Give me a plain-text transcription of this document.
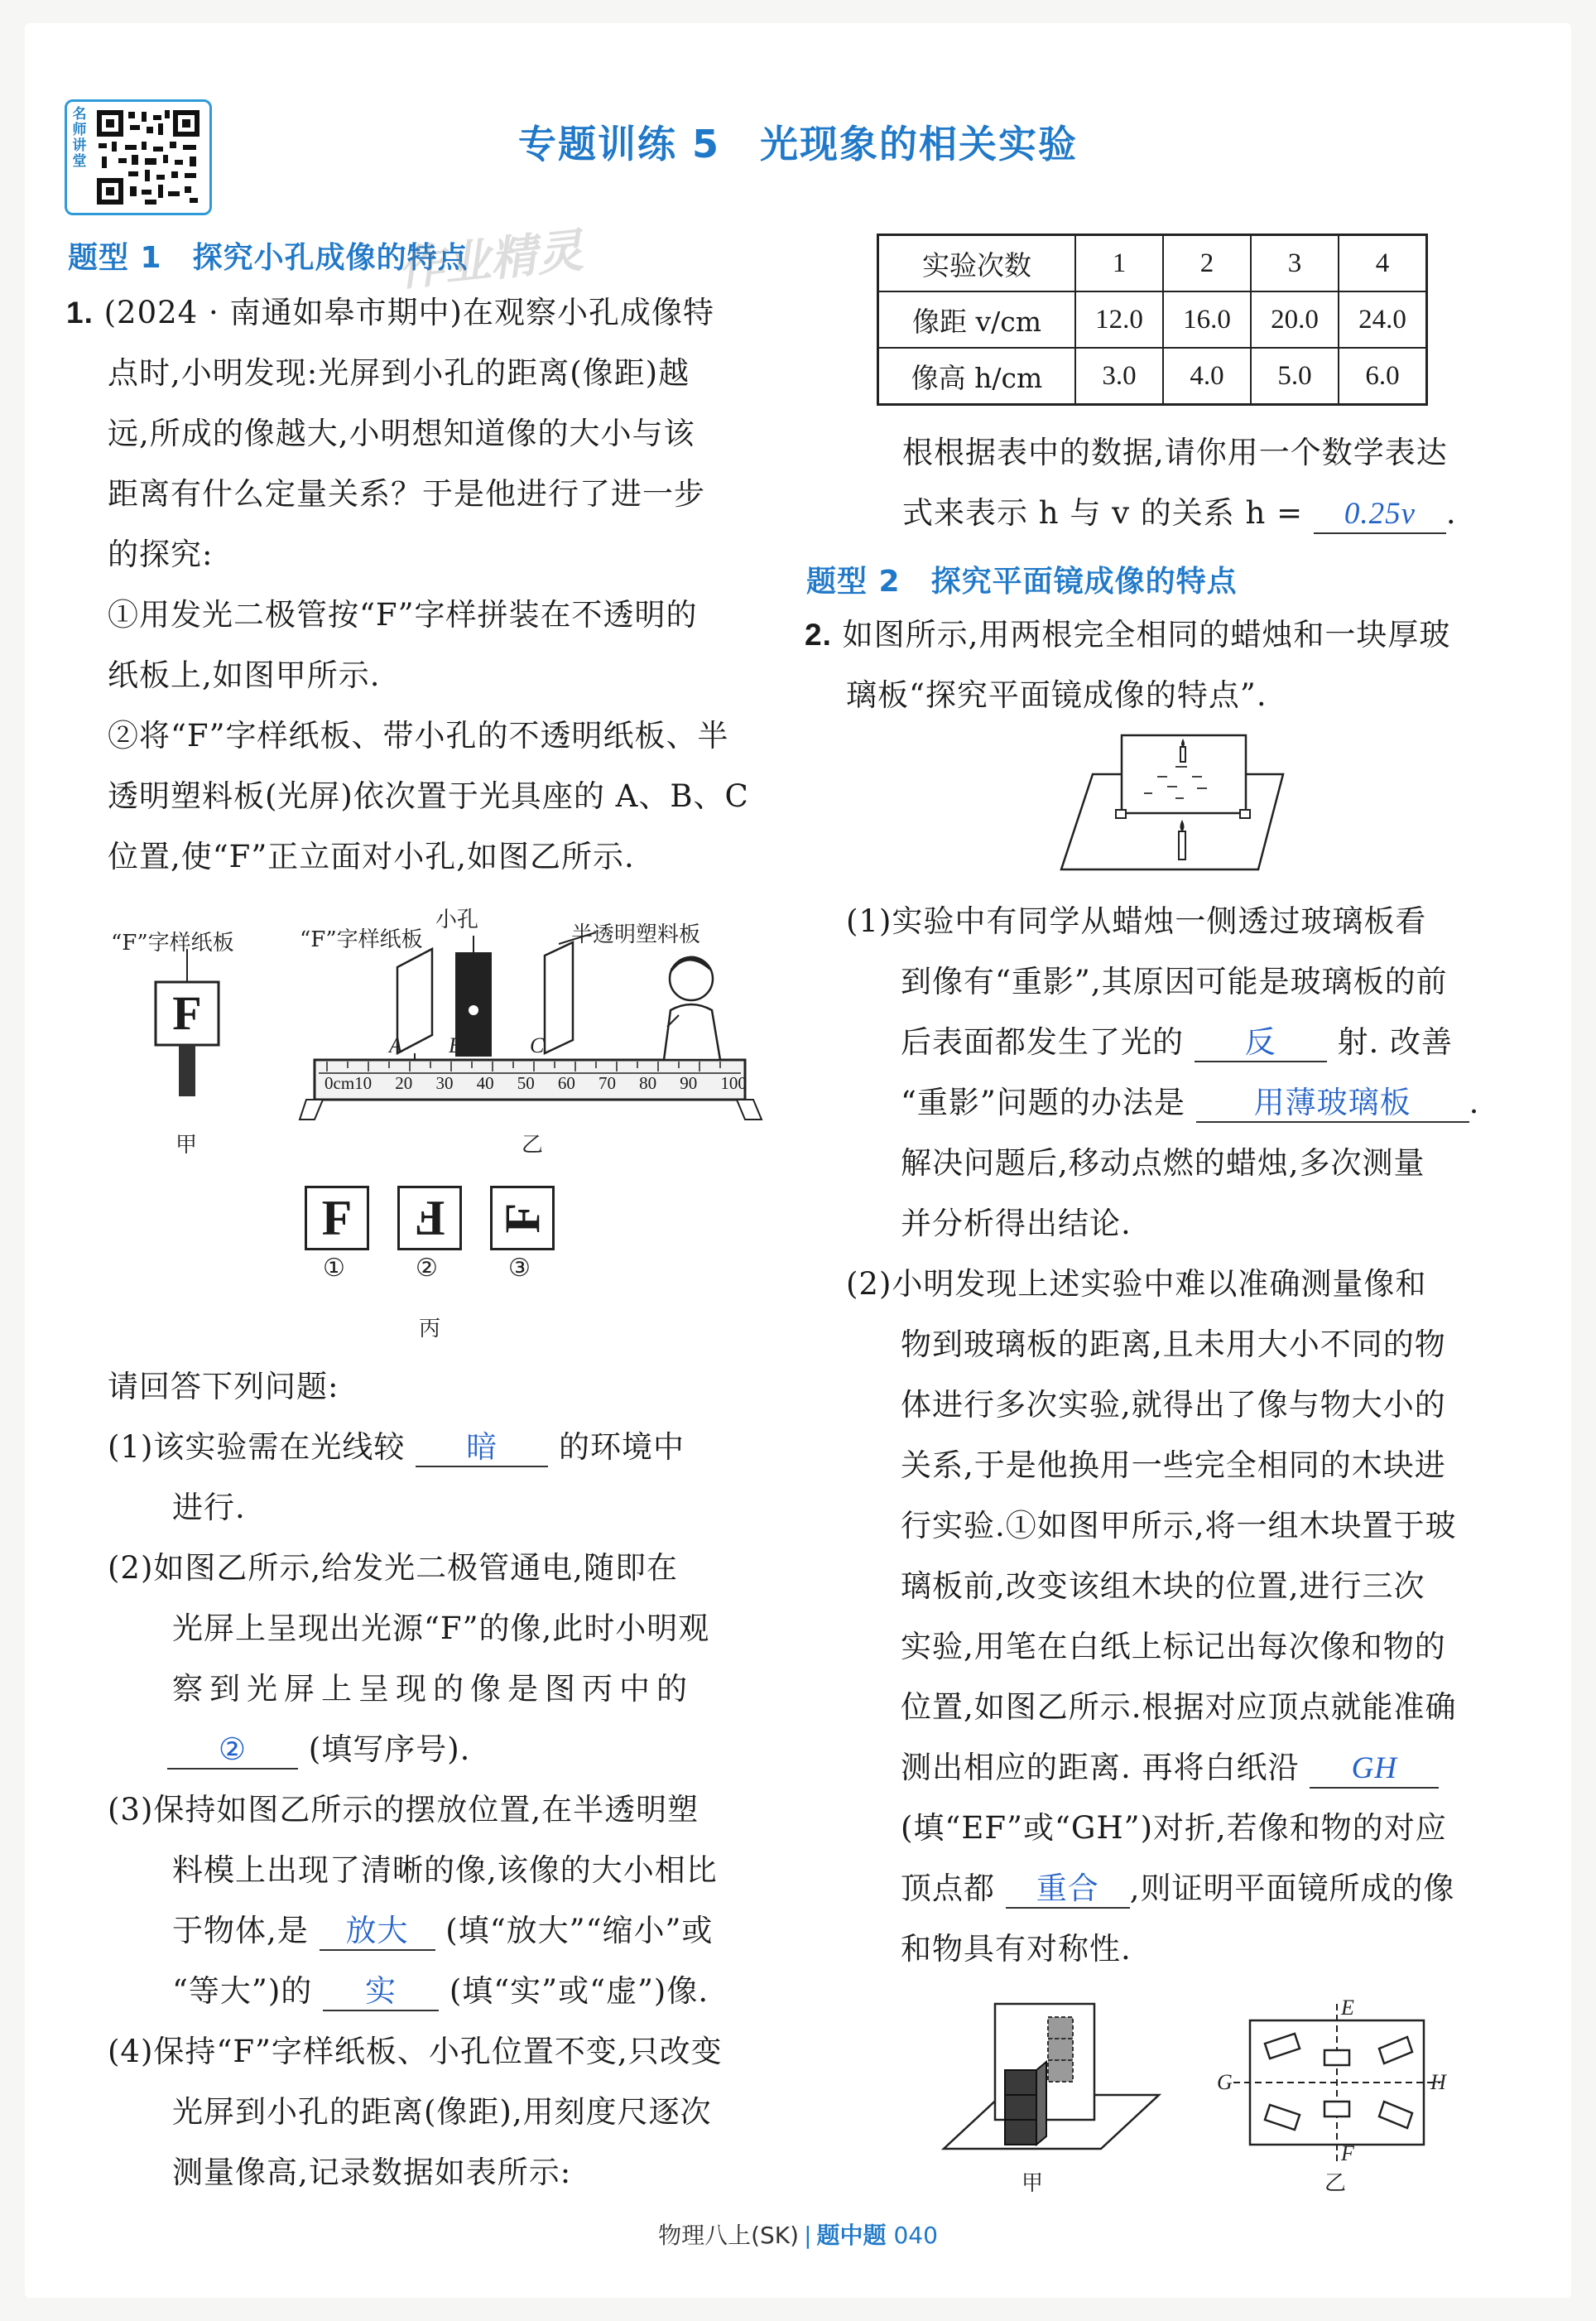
名师讲堂	专题训练 5　光现象的相关实验
题型 1　探究小孔成像的特点
作业精灵
1. (2024 · 南通如皋市期中)在观察小孔成像特
点时,小明发现:光屏到小孔的距离(像距)越
远,所成的像越大,小明想知道像的大小与该
距离有什么定量关系？于是他进行了进一步
的探究:
①用发光二极管按“F”字样拼装在不透明的
纸板上,如图甲所示.
②将“F”字样纸板、带小孔的不透明纸板、半
透明塑料板(光屏)依次置于光具座的 A、B、C
位置,使“F”正立面对小孔,如图乙所示.
“F”字样纸板	“F”字样纸板
小孔
半透明塑料板
F
A B	C
0cm10 20 30 40 50 60 70 80 90 100
甲	乙
F	F	F
①	②	③
丙
请回答下列问题:
(1)该实验需在光线较 暗 的环境中
进行.
(2)如图乙所示,给发光二极管通电,随即在
光屏上呈现出光源“F”的像,此时小明观
察到光屏上呈现的像是图丙中的
② (填写序号).
(3)保持如图乙所示的摆放位置,在半透明塑
料模上出现了清晰的像,该像的大小相比
于物体,是 放大 (填“放大”“缩小”或
“等大”)的 实 (填“实”或“虚”)像.
(4)保持“F”字样纸板、小孔位置不变,只改变
光屏到小孔的距离(像距),用刻度尺逐次
测量像高,记录数据如表所示:
实验次数	1	2	3	4
像距 v/cm	12.0	16.0	20.0	24.0
像高 h/cm	3.0	4.0	5.0	6.0
根根据表中的数据,请你用一个数学表达
式来表示 h 与 v 的关系 h = 0.25v .
题型 2　探究平面镜成像的特点
2. 如图所示,用两根完全相同的蜡烛和一块厚玻
璃板“探究平面镜成像的特点”.
(1)实验中有同学从蜡烛一侧透过玻璃板看
到像有“重影”,其原因可能是玻璃板的前
后表面都发生了光的 反 射. 改善
“重影”问题的办法是 用薄玻璃板 .
解决问题后,移动点燃的蜡烛,多次测量
并分析得出结论.
(2)小明发现上述实验中难以准确测量像和
物到玻璃板的距离,且未用大小不同的物
体进行多次实验,就得出了像与物大小的
关系,于是他换用一些完全相同的木块进
行实验.①如图甲所示,将一组木块置于玻
璃板前,改变该组木块的位置,进行三次
实验,用笔在白纸上标记出每次像和物的
位置,如图乙所示.根据对应顶点就能准确
测出相应的距离. 再将白纸沿 GH
(填“EF”或“GH”)对折,若像和物的对应
顶点都 重合 ,则证明平面镜所成的像
和物具有对称性.
甲	乙
E
F
G	H
物理八上(SK) | 题中题 040
